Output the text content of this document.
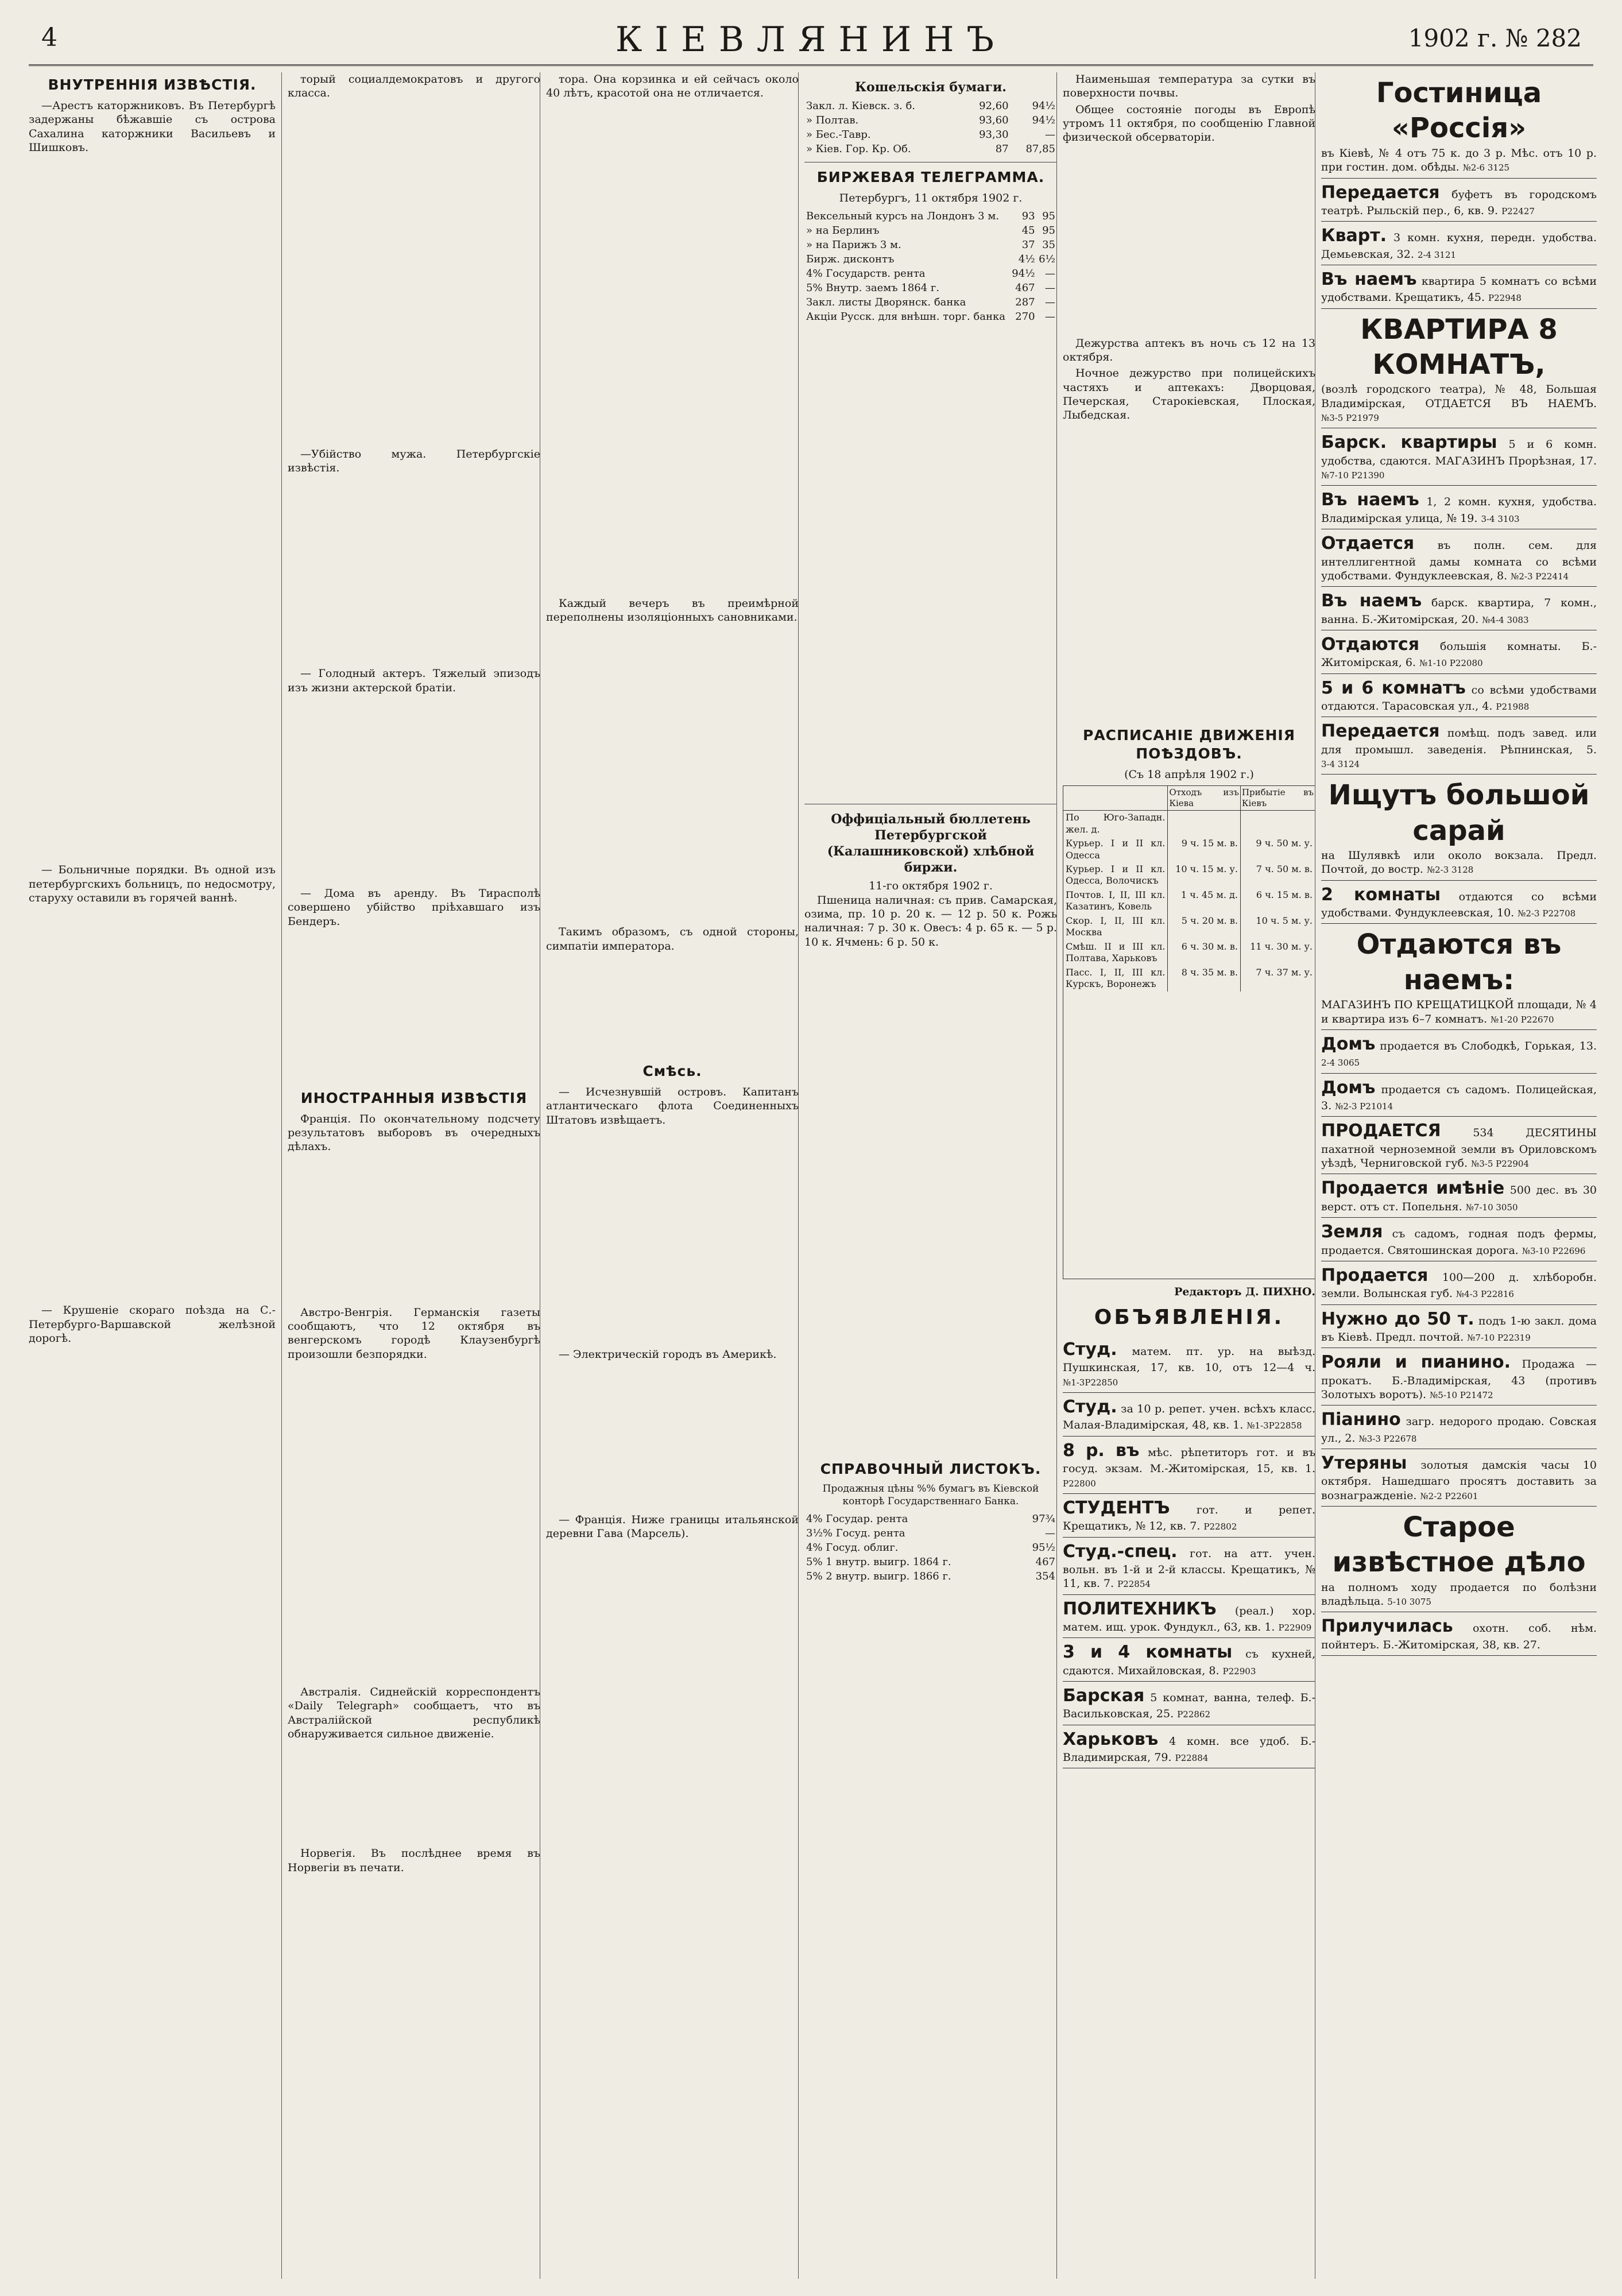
4	КІЕВЛЯНИНЪ	1902 г. № 282
ВНУТРЕННІЯ ИЗВѢСТІЯ.

—Арестъ каторжниковъ. Въ Петербургѣ задержаны бѣжавшіе съ острова Сахалина каторжники Васильевъ и Шишковъ.

— Больничные порядки. Въ одной изъ петербургскихъ больницъ, по недосмотру, старуху оставили въ горячей ваннѣ.

— Крушеніе скораго поѣзда на С.-Петербурго-Варшавской желѣзной дорогѣ.

торый социалдемократовъ и другого класса.

—Убійство мужа. Петербургскіе извѣстія.

— Голодный актеръ. Тяжелый эпизодъ изъ жизни актерской братіи.

— Дома въ аренду. Въ Тирасполѣ совершено убійство пріѣхавшаго изъ Бендеръ.

ИНОСТРАННЫЯ ИЗВѢСТІЯ

Франція. По окончательному подсчету результатовъ выборовъ въ очередныхъ дѣлахъ.

Австро-Венгрія. Германскія газеты сообщаютъ, что 12 октября въ венгерскомъ городѣ Клаузенбургѣ произошли безпорядки.

Австралія. Сиднейскій корреспондентъ «Daily Telegraph» сообщаетъ, что въ Австралійской республикѣ обнаруживается сильное движеніе.

Норвегія. Въ послѣднее время въ Норвегіи въ печати.

тора. Она корзинка и ей сейчасъ около 40 лѣтъ, красотой она не отличается.

Каждый вечеръ въ преимѣрной переполнены изоляціонныхъ сановниками.

Такимъ образомъ, съ одной стороны, симпатіи императора.

Смѣсь.

— Исчезнувшій островъ. Капитанъ атлантическаго флота Соединенныхъ Штатовъ извѣщаетъ.

— Электрическій городъ въ Америкѣ.

— Франція. Ниже границы итальянской деревни Гава (Марсель).

Кошельскія бумаги.
Закл. л. Кіевск. з. б.	92,60	94½
» Полтав.	93,60	94½
» Бес.-Тавр.	93,30	—
» Кіев. Гор. Кр. Об.	87	87,85
БИРЖЕВАЯ ТЕЛЕГРАММА.
Петербургъ, 11 октября 1902 г.
Вексельный курсъ на Лондонъ 3 м.	93	95
» на Берлинъ	45	95
» на Парижъ 3 м.	37	35
Бирж. дисконтъ	4½	6½
4% Государств. рента	94½	—
5% Внутр. заемъ 1864 г.	467	—
Закл. листы Дворянск. банка	287	—
Акціи Русск. для внѣшн. торг. банка	270	—
Оффиціальный бюллетень Петербургской (Калашниковской) хлѣбной биржи.
11-го октября 1902 г.

Пшеница наличная: съ прив. Самарская, озима, пр. 10 р. 20 к. — 12 р. 50 к. Рожь наличная: 7 р. 30 к. Овесъ: 4 р. 65 к. — 5 р. 10 к. Ячмень: 6 р. 50 к.

СПРАВОЧНЫЙ ЛИСТОКЪ.
Продажныя цѣны %% бумагъ въ Кіевской конторѣ Государственнаго Банка.
4% Государ. рента	97¾
3½% Госуд. рента	—
4% Госуд. облиг.	95½
5% 1 внутр. выигр. 1864 г.	467
5% 2 внутр. выигр. 1866 г.	354

Наименьшая температура за сутки въ поверхности почвы.

Общее состояніе погоды въ Европѣ утромъ 11 октября, по сообщенію Главной физической обсерваторіи.

Дежурства аптекъ въ ночь съ 12 на 13 октября.

Ночное дежурство при полицейскихъ частяхъ и аптекахъ: Дворцовая, Печерская, Старокіевская, Плоская, Лыбедская.

РАСПИСАНІЕ ДВИЖЕНІЯ ПОѢЗДОВЪ.
(Съ 18 апрѣля 1902 г.)
	Отходъ изъ Кіева	Прибытіе въ Кіевъ
По Юго-Западн. жел. д.		
Курьер. I и II кл. Одесса	9 ч. 15 м. в.	9 ч. 50 м. у.
Курьер. I и II кл. Одесса, Волочискъ	10 ч. 15 м. у.	7 ч. 50 м. в.
Почтов. I, II, III кл. Казатинъ, Ковель	1 ч. 45 м. д.	6 ч. 15 м. в.
Скор. I, II, III кл. Москва	5 ч. 20 м. в.	10 ч. 5 м. у.
Смѣш. II и III кл. Полтава, Харьковъ	6 ч. 30 м. в.	11 ч. 30 м. у.
Пасс. I, II, III кл. Курскъ, Воронежъ	8 ч. 35 м. в.	7 ч. 37 м. у.
Редакторъ Д. ПИХНО.
ОБЪЯВЛЕНІЯ.
Студ. матем. пт. ур. на выѣзд. Пушкинская, 17, кв. 10, отъ 12—4 ч. №1-3Р22850
Студ. за 10 р. репет. учен. всѣхъ класс. Малая-Владимірская, 48, кв. 1. №1-3Р22858
8 р. въ мѣс. рѣпетиторъ гот. и въ госуд. экзам. М.-Житомірская, 15, кв. 1. Р22800
СТУДЕНТЪ гот. и репет. Крещатикъ, № 12, кв. 7. Р22802
Студ.-спец. гот. на атт. учен. вольн. въ 1-й и 2-й классы. Крещатикъ, № 11, кв. 7. Р22854
ПОЛИТЕХНИКЪ (реал.) хор. матем. ищ. урок. Фундукл., 63, кв. 1. Р22909
3 и 4 комнаты съ кухней, сдаются. Михайловская, 8. Р22903
Барская 5 комнат, ванна, телеф. Б.-Васильковская, 25. Р22862
Харьковъ 4 комн. все удоб. Б.-Владимирская, 79. Р22884
Гостиница «Россія»
въ Кіевѣ, № 4 отъ 75 к. до 3 р. Мѣс. отъ 10 р. при гостин. дом. обѣды. №2-6 3125
Передается буфетъ въ городскомъ театрѣ. Рыльскій пер., 6, кв. 9. Р22427
Кварт. 3 комн. кухня, передн. удобства. Демьевская, 32. 2-4 3121
Въ наемъ квартира 5 комнатъ со всѣми удобствами. Крещатикъ, 45. Р22948
КВАРТИРА 8 КОМНАТЪ,
(возлѣ городского театра), № 48, Большая Владимірская, ОТДАЕТСЯ ВЪ НАЕМЪ. №3-5 Р21979
Барск. квартиры 5 и 6 комн. удобства, сдаются. МАГАЗИНЪ Прорѣзная, 17. №7-10 Р21390
Въ наемъ 1, 2 комн. кухня, удобства. Владимірская улица, № 19. 3-4 3103
Отдается въ полн. сем. для интеллигентной дамы комната со всѣми удобствами. Фундуклеевская, 8. №2-3 Р22414
Въ наемъ барск. квартира, 7 комн., ванна. Б.-Житомірская, 20. №4-4 3083
Отдаются большія комнаты. Б.-Житомірская, 6. №1-10 Р22080
5 и 6 комнатъ со всѣми удобствами отдаются. Тарасовская ул., 4. Р21988
Передается помѣщ. подъ завед. или для промышл. заведенія. Рѣпнинская, 5. 3-4 3124
Ищутъ большой сарай
на Шулявкѣ или около вокзала. Предл. Почтой, до востр. №2-3 3128
2 комнаты отдаются со всѣми удобствами. Фундуклеевская, 10. №2-3 Р22708
Отдаются въ наемъ:
МАГАЗИНЪ ПО КРЕЩАТИЦКОЙ площади, № 4 и квартира изъ 6–7 комнатъ. №1-20 Р22670
Домъ продается въ Слободкѣ, Горькая, 13. 2-4 3065
Домъ продается съ садомъ. Полицейская, 3. №2-3 Р21014
ПРОДАЕТСЯ	534 ДЕСЯТИНЫ пахатной черноземной земли въ Ориловскомъ уѣздѣ, Черниговской губ. №3-5 Р22904
Продается имѣніе 500 дес. въ 30 верст. отъ ст. Попельня. №7-10 3050
Земля съ садомъ, годная подъ фермы, продается. Святошинская дорога. №3-10 Р22696
Продается 100—200 д. хлѣборобн. земли. Волынская губ. №4-3 Р22816
Нужно до 50 т. подъ 1-ю закл. дома въ Кіевѣ. Предл. почтой. №7-10 Р22319
Рояли и пианино. Продажа — прокатъ. Б.-Владимірская, 43 (противъ Золотыхъ воротъ). №5-10 Р21472
Піанино загр. недорого продаю. Совская ул., 2. №3-3 Р22678
Утеряны золотыя дамскія часы 10 октября. Нашедшаго просятъ доставить за вознагражденіе. №2-2 Р22601
Старое извѣстное дѣло
на полномъ ходу продается по болѣзни владѣльца. 5-10 3075
Прилучилась охотн. соб. нѣм. пойнтеръ. Б.-Житомірская, 38, кв. 27.
